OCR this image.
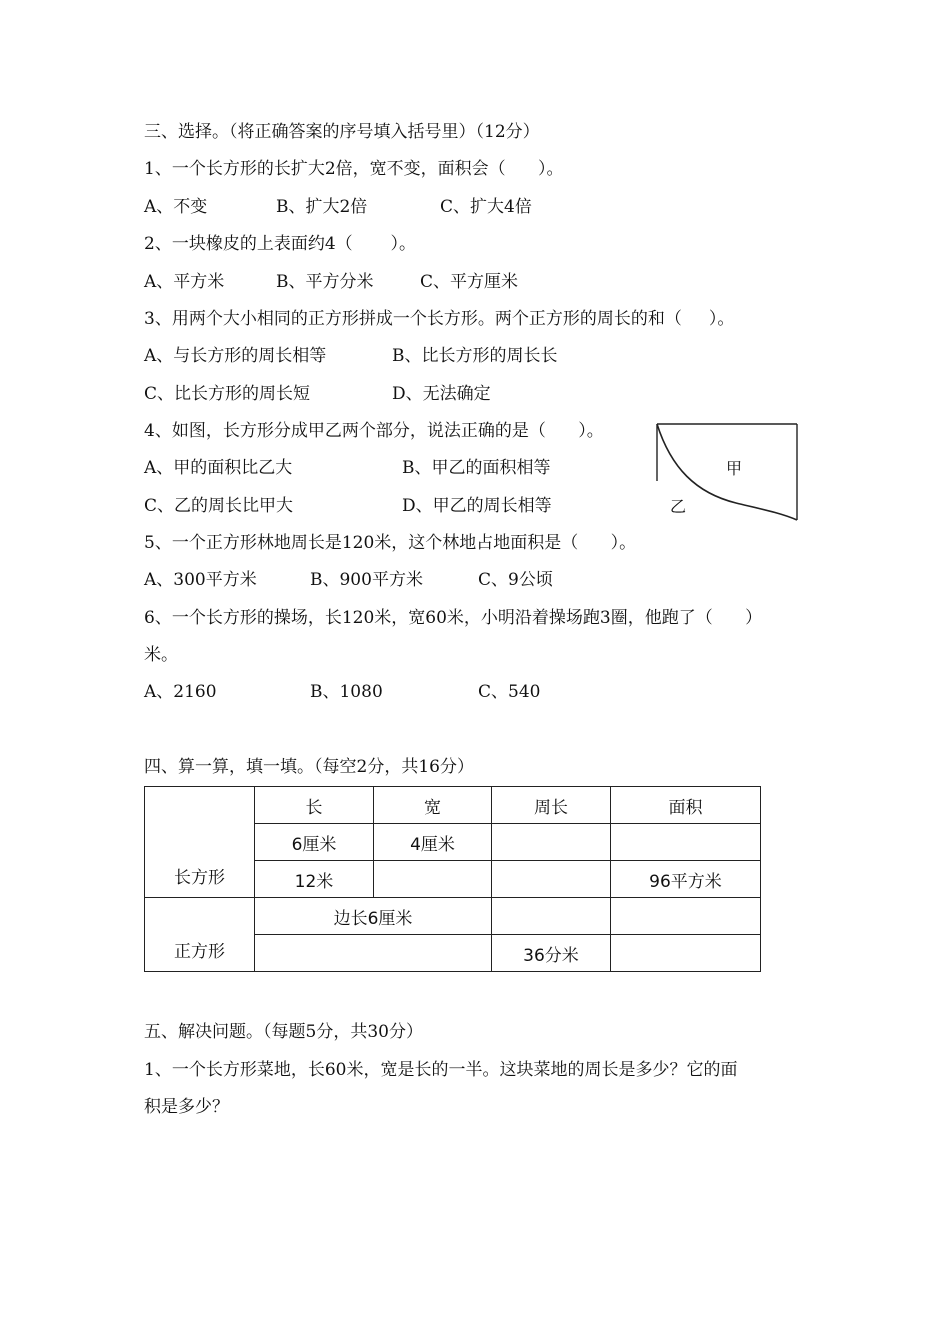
三、选择。（将正确答案的序号填入括号里）（12分）
1、一个长方形的长扩大2倍，宽不变，面积会（      ）。
A、不变	B、扩大2倍	C、扩大4倍
2、一块橡皮的上表面约4（       ）。
A、平方米	B、平方分米	C、平方厘米
3、用两个大小相同的正方形拼成一个长方形。两个正方形的周长的和（     ）。
A、与长方形的周长相等	B、比长方形的周长长
C、比长方形的周长短	D、无法确定
4、如图，长方形分成甲乙两个部分，说法正确的是（      ）。
A、甲的面积比乙大	B、甲乙的面积相等
C、乙的周长比甲大	D、甲乙的周长相等
甲
乙
5、一个正方形林地周长是120米，这个林地占地面积是（      ）。
A、300平方米	B、900平方米	C、9公顷
6、一个长方形的操场，长120米，宽60米，小明沿着操场跑3圈，他跑了（      ）
米。
A、2160	B、1080	C、540
四、算一算，填一填。（每空2分，共16分）
长方形	长	宽	周长	面积
	6厘米	4厘米		
	12米			96平方米
正方形	边长6厘米			
			36分米	
五、解决问题。（每题5分，共30分）
1、一个长方形菜地，长60米，宽是长的一半。这块菜地的周长是多少？它的面
积是多少？
